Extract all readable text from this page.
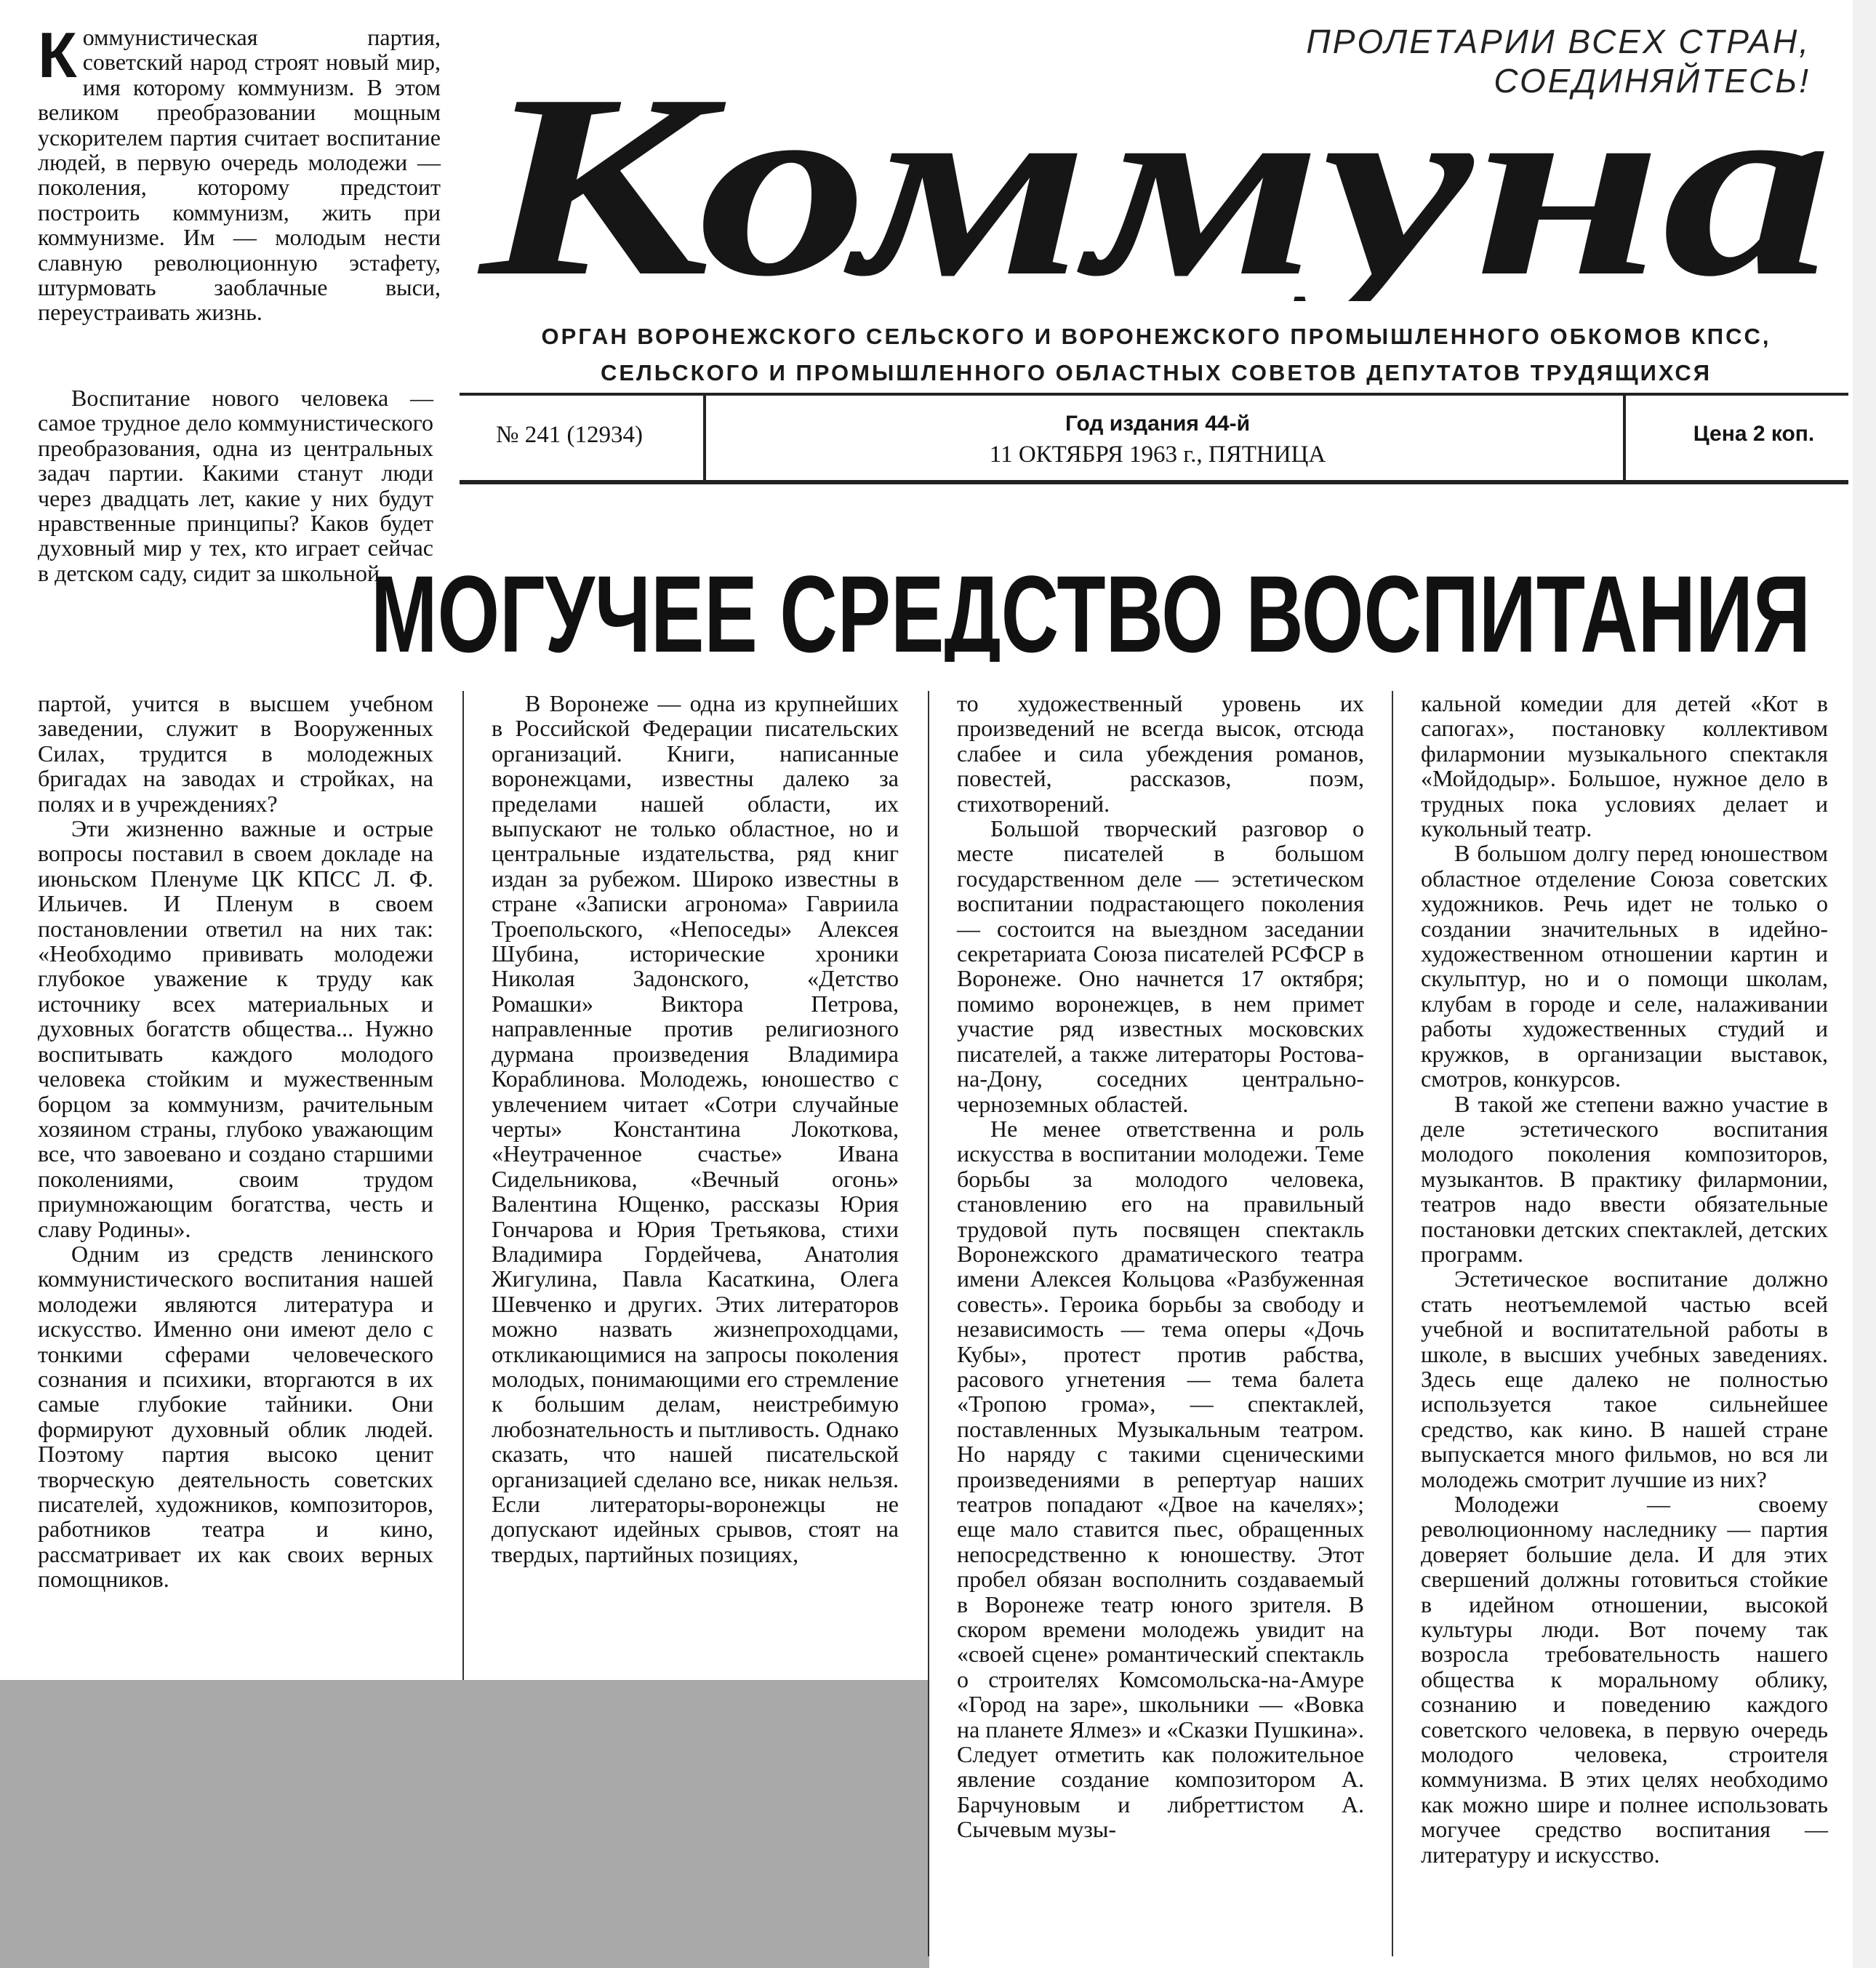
ПРОЛЕТАРИИ ВСЕХ СТРАН, СОЕДИНЯЙТЕСЬ!
Коммуна
ОРГАН ВОРОНЕЖСКОГО СЕЛЬСКОГО И ВОРОНЕЖСКОГО ПРОМЫШЛЕННОГО ОБКОМОВ КПСС,
СЕЛЬСКОГО И ПРОМЫШЛЕННОГО ОБЛАСТНЫХ СОВЕТОВ ДЕПУТАТОВ ТРУДЯЩИХСЯ
№ 241 (12934)	Год издания 44-й
11 ОКТЯБРЯ 1963 г., ПЯТНИЦА
Цена 2 коп.
МОГУЧЕЕ СРЕДСТВО ВОСПИТАНИЯ

Коммунистическая партия, советский народ строят новый мир, имя которому коммунизм. В этом великом преобразовании мощным ускорителем партия считает воспитание людей, в первую очередь молодежи — поколения, которому предстоит построить коммунизм, жить при коммунизме. Им — молодым нести славную революционную эстафету, штурмовать заоблачные выси, переустраивать жизнь.

Воспитание нового человека — самое трудное дело коммунистического преобразования, одна из центральных задач партии. Какими станут люди через двадцать лет, какие у них будут нравственные принципы? Каков будет духовный мир у тех, кто играет сейчас в детском саду, сидит за школьной

партой, учится в высшем учебном заведении, служит в Вооруженных Силах, трудится в молодежных бригадах на заводах и стройках, на полях и в учреждениях?

Эти жизненно важные и острые вопросы поставил в своем докладе на июньском Пленуме ЦК КПСС Л. Ф. Ильичев. И Пленум в своем постановлении ответил на них так: «Необходимо прививать молодежи глубокое уважение к труду как источнику всех материальных и духовных богатств общества... Нужно воспитывать каждого молодого человека стойким и мужественным борцом за коммунизм, рачительным хозяином страны, глубоко уважающим все, что завоевано и создано старшими поколениями, своим трудом приумножающим богатства, честь и славу Родины».

Одним из средств ленинского коммунистического воспитания нашей молодежи являются литература и искусство. Именно они имеют дело с тонкими сферами человеческого сознания и психики, вторгаются в их самые глубокие тайники. Они формируют духовный облик людей. Поэтому партия высоко ценит творческую деятельность советских писателей, художников, композиторов, работников театра и кино, рассматривает их как своих верных помощников.

В Воронеже — одна из крупнейших в Российской Федерации писательских организаций. Книги, написанные воронежцами, известны далеко за пределами нашей области, их выпускают не только областное, но и центральные издательства, ряд книг издан за рубежом. Широко известны в стране «Записки агронома» Гавриила Троепольского, «Непоседы» Алексея Шубина, исторические хроники Николая Задонского, «Детство Ромашки» Виктора Петрова, направленные против религиозного дурмана произведения Владимира Кораблинова. Молодежь, юношество с увлечением читает «Сотри случайные черты» Константина Локоткова, «Неутраченное счастье» Ивана Сидельникова, «Вечный огонь» Валентина Ющенко, рассказы Юрия Гончарова и Юрия Третьякова, стихи Владимира Гордейчева, Анатолия Жигулина, Павла Касаткина, Олега Шевченко и других. Этих литераторов можно назвать жизнепроходцами, откликающимися на запросы поколения молодых, понимающими его стремление к большим делам, неистребимую любознательность и пытливость. Однако сказать, что нашей писательской организацией сделано все, никак нельзя. Если литераторы-воронежцы не допускают идейных срывов, стоят на твердых, партийных позициях,

то художественный уровень их произведений не всегда высок, отсюда слабее и сила убеждения романов, повестей, рассказов, поэм, стихотворений.

Большой творческий разговор о месте писателей в большом государственном деле — эстетическом воспитании подрастающего поколения — состоится на выездном заседании секретариата Союза писателей РСФСР в Воронеже. Оно начнется 17 октября; помимо воронежцев, в нем примет участие ряд известных московских писателей, а также литераторы Ростова-на-Дону, соседних центрально-черноземных областей.

Не менее ответственна и роль искусства в воспитании молодежи. Теме борьбы за молодого человека, становлению его на правильный трудовой путь посвящен спектакль Воронежского драматического театра имени Алексея Кольцова «Разбуженная совесть». Героика борьбы за свободу и независимость — тема оперы «Дочь Кубы», протест против рабства, расового угнетения — тема балета «Тропою грома», — спектаклей, поставленных Музыкальным театром. Но наряду с такими сценическими произведениями в репертуар наших театров попадают «Двое на качелях»; еще мало ставится пьес, обращенных непосредственно к юношеству. Этот пробел обязан восполнить создаваемый в Воронеже театр юного зрителя. В скором времени молодежь увидит на «своей сцене» романтический спектакль о строителях Комсомольска-на-Амуре «Город на заре», школьники — «Вовка на планете Ялмез» и «Сказки Пушкина». Следует отметить как положительное явление создание композитором А. Барчуновым и либреттистом А. Сычевым музы-

кальной комедии для детей «Кот в сапогах», постановку коллективом филармонии музыкального спектакля «Мойдодыр». Большое, нужное дело в трудных пока условиях делает и кукольный театр.

В большом долгу перед юношеством областное отделение Союза советских художников. Речь идет не только о создании значительных в идейно-художественном отношении картин и скульптур, но и о помощи школам, клубам в городе и селе, налаживании работы художественных студий и кружков, в организации выставок, смотров, конкурсов.

В такой же степени важно участие в деле эстетического воспитания молодого поколения композиторов, музыкантов. В практику филармонии, театров надо ввести обязательные постановки детских спектаклей, детских программ.

Эстетическое воспитание должно стать неотъемлемой частью всей учебной и воспитательной работы в школе, в высших учебных заведениях. Здесь еще далеко не полностью используется такое сильнейшее средство, как кино. В нашей стране выпускается много фильмов, но вся ли молодежь смотрит лучшие из них?

Молодежи — своему революционному наследнику — партия доверяет большие дела. И для этих свершений должны готовиться стойкие в идейном отношении, высокой культуры люди. Вот почему так возросла требовательность нашего общества к моральному облику, сознанию и поведению каждого советского человека, в первую очередь молодого человека, строителя коммунизма. В этих целях необходимо как можно шире и полнее использовать могучее средство воспитания — литературу и искусство.
